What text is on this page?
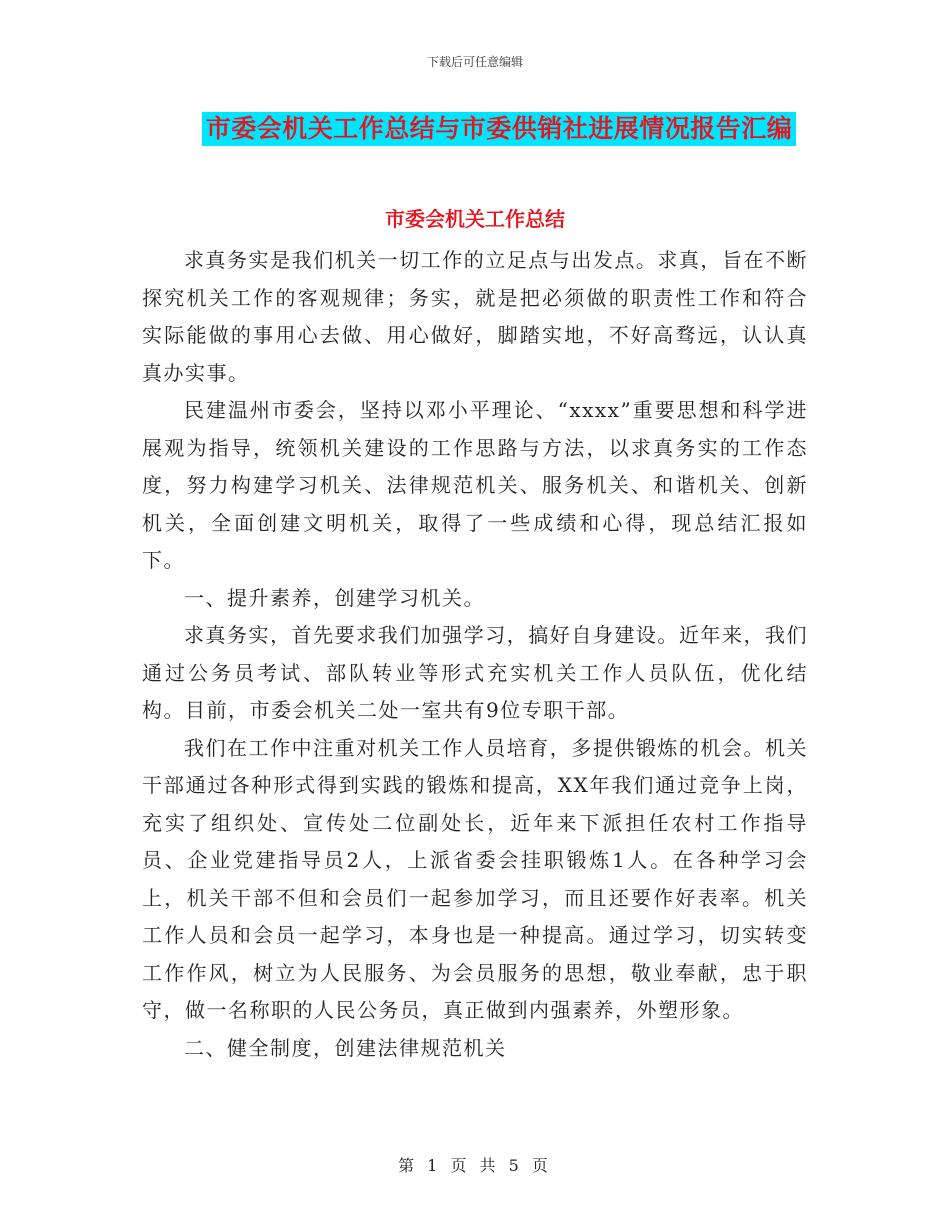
下载后可任意编辑
市委会机关工作总结与市委供销社进展情况报告汇编
市委会机关工作总结

求真务实是我们机关一切工作的立足点与出发点。求真，旨在不断探究机关工作的客观规律；务实，就是把必须做的职责性工作和符合实际能做的事用心去做、用心做好，脚踏实地，不好高骛远，认认真真办实事。

民建温州市委会，坚持以邓小平理论、“xxxx”重要思想和科学进展观为指导，统领机关建设的工作思路与方法，以求真务实的工作态度，努力构建学习机关、法律规范机关、服务机关、和谐机关、创新机关，全面创建文明机关，取得了一些成绩和心得，现总结汇报如下。

一、提升素养，创建学习机关。

求真务实，首先要求我们加强学习，搞好自身建设。近年来，我们通过公务员考试、部队转业等形式充实机关工作人员队伍，优化结构。目前，市委会机关二处一室共有9位专职干部。

我们在工作中注重对机关工作人员培育，多提供锻炼的机会。机关干部通过各种形式得到实践的锻炼和提高，XX年我们通过竞争上岗，充实了组织处、宣传处二位副处长，近年来下派担任农村工作指导员、企业党建指导员2人，上派省委会挂职锻炼1人。在各种学习会上，机关干部不但和会员们一起参加学习，而且还要作好表率。机关工作人员和会员一起学习，本身也是一种提高。通过学习，切实转变工作作风，树立为人民服务、为会员服务的思想，敬业奉献，忠于职守，做一名称职的人民公务员，真正做到内强素养，外塑形象。

二、健全制度，创建法律规范机关

第 1 页 共 5 页
